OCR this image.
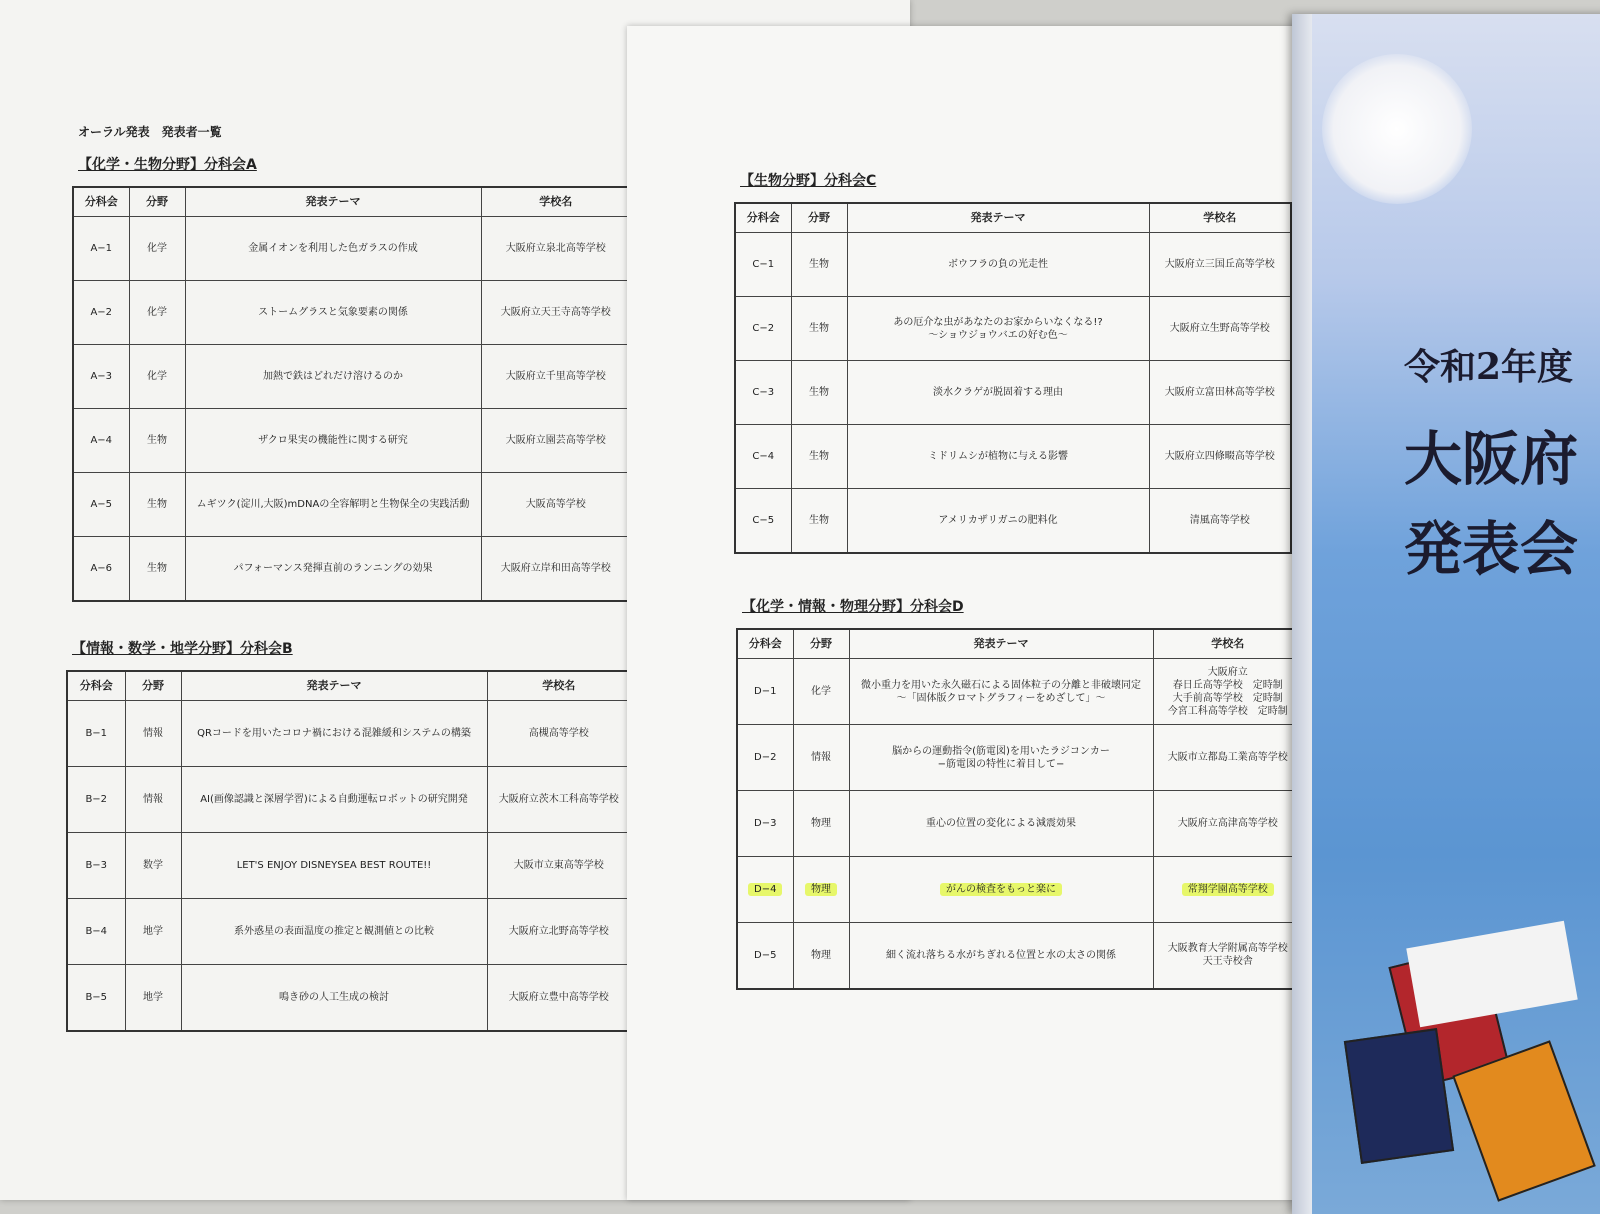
オーラル発表　発表者一覧

【化学・生物分野】分科会A
分科会	分野	発表テーマ	学校名
A−1	化学	金属イオンを利用した色ガラスの作成	大阪府立泉北高等学校
A−2	化学	ストームグラスと気象要素の関係	大阪府立天王寺高等学校
A−3	化学	加熱で鉄はどれだけ溶けるのか	大阪府立千里高等学校
A−4	生物	ザクロ果実の機能性に関する研究	大阪府立園芸高等学校
A−5	生物	ムギツク(淀川,大阪)mDNAの全容解明と生物保全の実践活動	大阪高等学校
A−6	生物	パフォーマンス発揮直前のランニングの効果	大阪府立岸和田高等学校
【情報・数学・地学分野】分科会B
分科会	分野	発表テーマ	学校名
B−1	情報	QRコードを用いたコロナ禍における混雑緩和システムの構築	高槻高等学校
B−2	情報	AI(画像認識と深層学習)による自動運転ロボットの研究開発	大阪府立茨木工科高等学校
B−3	数学	LET'S ENJOY DISNEYSEA BEST ROUTE!!	大阪市立東高等学校
B−4	地学	系外惑星の表面温度の推定と観測値との比較	大阪府立北野高等学校
B−5	地学	鳴き砂の人工生成の検討	大阪府立豊中高等学校
【生物分野】分科会C
分科会	分野	発表テーマ	学校名
C−1	生物	ボウフラの負の光走性	大阪府立三国丘高等学校
C−2	生物	あの厄介な虫があなたのお家からいなくなる!?
〜ショウジョウバエの好む色〜	大阪府立生野高等学校
C−3	生物	淡水クラゲが脱固着する理由	大阪府立富田林高等学校
C−4	生物	ミドリムシが植物に与える影響	大阪府立四條畷高等学校
C−5	生物	アメリカザリガニの肥料化	清風高等学校
【化学・情報・物理分野】分科会D
分科会	分野	発表テーマ	学校名
D−1	化学	微小重力を用いた永久磁石による固体粒子の分離と非破壊同定
〜「固体版クロマトグラフィーをめざして」〜	大阪府立
春日丘高等学校　定時制
大手前高等学校　定時制
今宮工科高等学校　定時制
D−2	情報	脳からの運動指令(筋電図)を用いたラジコンカー
−筋電図の特性に着目して−	大阪市立都島工業高等学校
D−3	物理	重心の位置の変化による減震効果	大阪府立高津高等学校
D−4	物理	がんの検査をもっと楽に	常翔学園高等学校
D−5	物理	細く流れ落ちる水がちぎれる位置と水の太さの関係	大阪教育大学附属高等学校
天王寺校舎
令和2年度
大阪府
発表会
